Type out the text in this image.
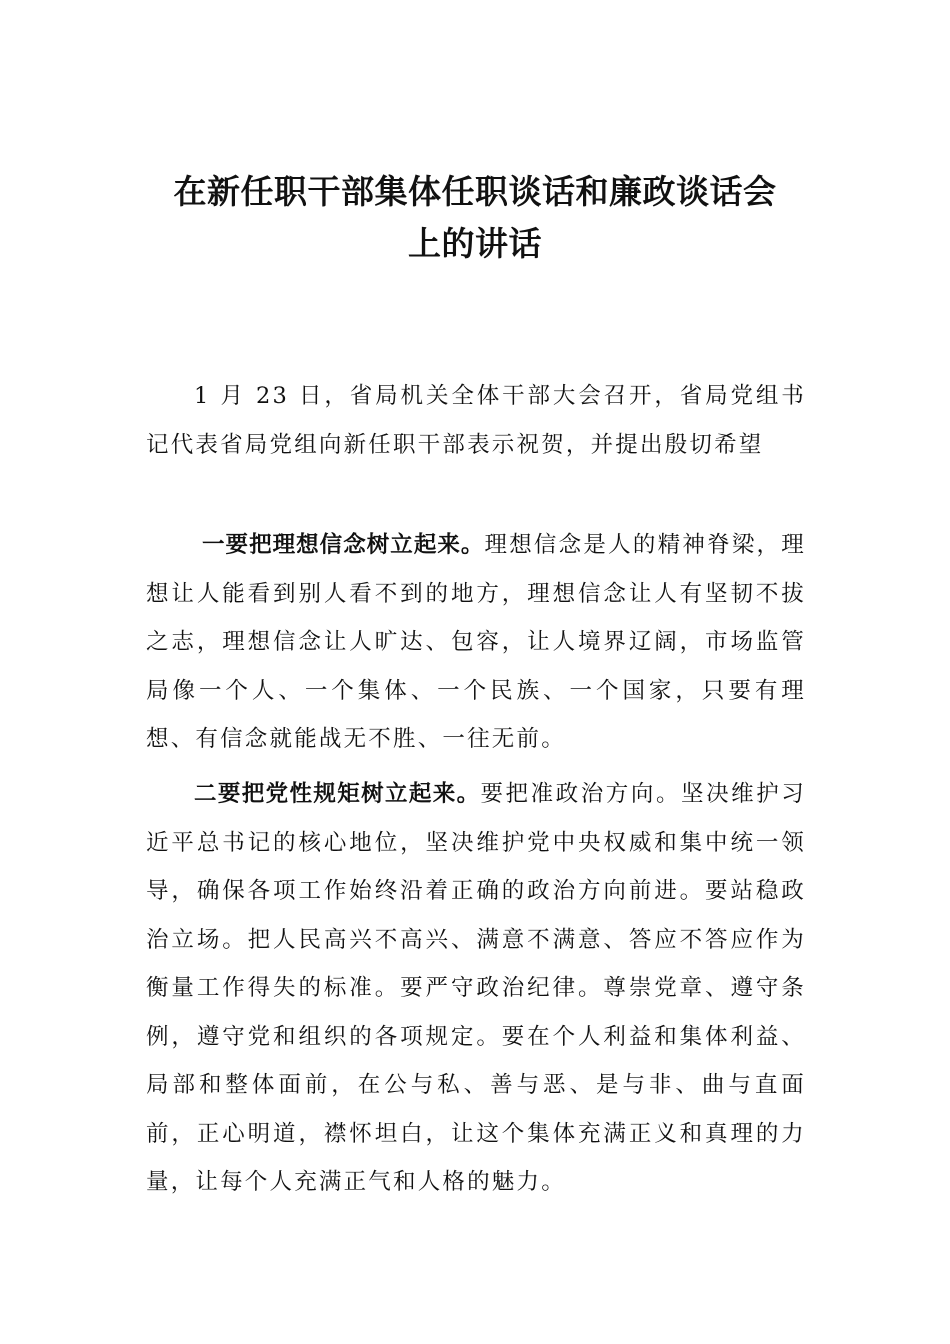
在新任职干部集体任职谈话和廉政谈话会
上的讲话

1 月 23 日，省局机关全体干部大会召开，省局党组书记代表省局党组向新任职干部表示祝贺，并提出殷切希望

一要把理想信念树立起来。理想信念是人的精神脊梁，理想让人能看到别人看不到的地方，理想信念让人有坚韧不拔之志，理想信念让人旷达、包容，让人境界辽阔，市场监管局像一个人、一个集体、一个民族、一个国家，只要有理想、有信念就能战无不胜、一往无前。

二要把党性规矩树立起来。要把准政治方向。坚决维护习近平总书记的核心地位，坚决维护党中央权威和集中统一领导，确保各项工作始终沿着正确的政治方向前进。要站稳政治立场。把人民高兴不高兴、满意不满意、答应不答应作为衡量工作得失的标准。要严守政治纪律。尊崇党章、遵守条例，遵守党和组织的各项规定。要在个人利益和集体利益、局部和整体面前，在公与私、善与恶、是与非、曲与直面前，正心明道，襟怀坦白，让这个集体充满正义和真理的力量，让每个人充满正气和人格的魅力。
